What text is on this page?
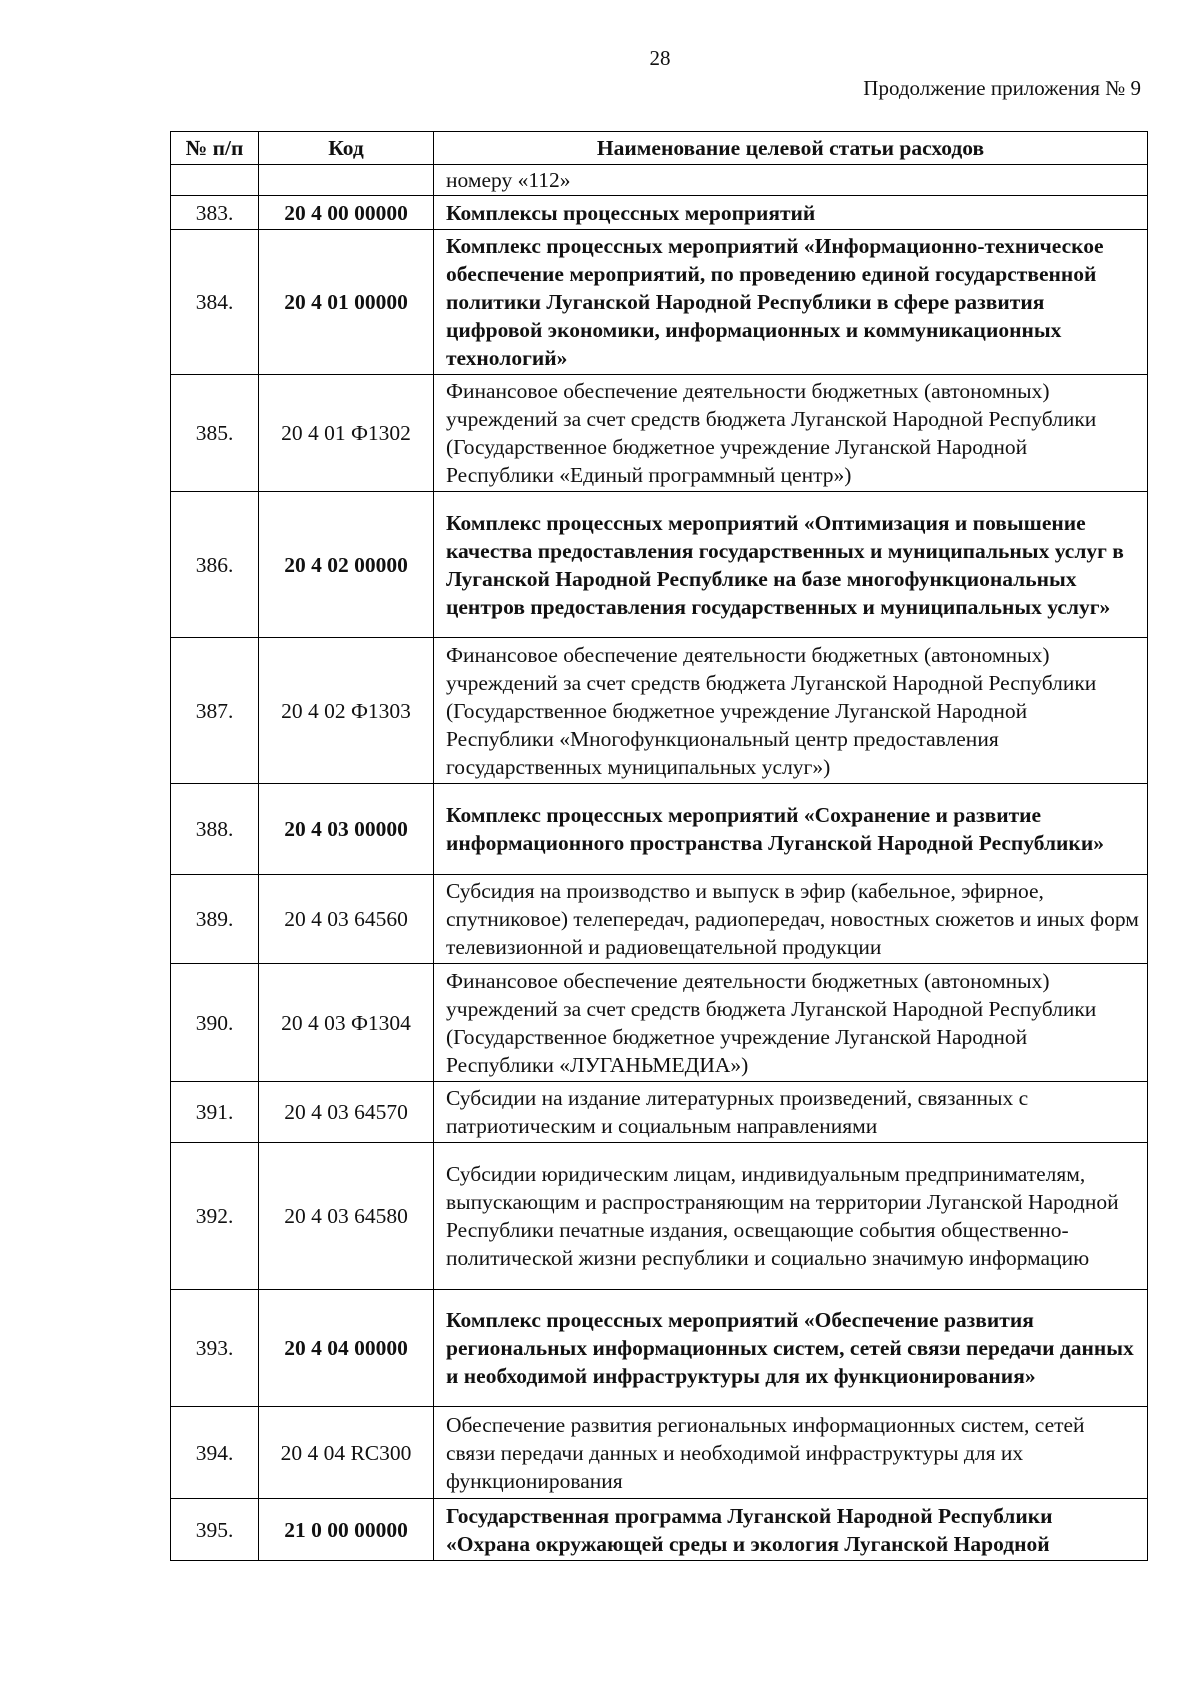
28
Продолжение приложения № 9
№ п/п	Код	Наименование целевой статьи расходов
		номеру «112»
383.	20 4 00 00000	Комплексы процессных мероприятий
384.	20 4 01 00000	Комплекс процессных мероприятий «Информационно-техническое обеспечение мероприятий, по проведению единой государственной политики Луганской Народной Республики в сфере развития цифровой экономики, информационных и коммуникационных технологий»
385.	20 4 01 Ф1302	Финансовое обеспечение деятельности бюджетных (автономных) учреждений за счет средств бюджета Луганской Народной Республики (Государственное бюджетное учреждение Луганской Народной Республики «Единый программный центр»)
386.	20 4 02 00000	Комплекс процессных мероприятий «Оптимизация и повышение качества предоставления государственных и муниципальных услуг в Луганской Народной Республике на базе многофункциональных центров предоставления государственных и муниципальных услуг»
387.	20 4 02 Ф1303	Финансовое обеспечение деятельности бюджетных (автономных) учреждений за счет средств бюджета Луганской Народной Республики (Государственное бюджетное учреждение Луганской Народной Республики «Многофункциональный центр предоставления государственных муниципальных услуг»)
388.	20 4 03 00000	Комплекс процессных мероприятий «Сохранение и развитие информационного пространства Луганской Народной Республики»
389.	20 4 03 64560	Субсидия на производство и выпуск в эфир (кабельное, эфирное, спутниковое) телепередач, радиопередач, новостных сюжетов и иных форм телевизионной и радиовещательной продукции
390.	20 4 03 Ф1304	Финансовое обеспечение деятельности бюджетных (автономных) учреждений за счет средств бюджета Луганской Народной Республики (Государственное бюджетное учреждение Луганской Народной Республики «ЛУГАНЬМЕДИА»)
391.	20 4 03 64570	Субсидии на издание литературных произведений, связанных с патриотическим и социальным направлениями
392.	20 4 03 64580	Субсидии юридическим лицам, индивидуальным предпринимателям, выпускающим и распространяющим на территории Луганской Народной Республики печатные издания, освещающие события общественно-политической жизни республики и социально значимую информацию
393.	20 4 04 00000	Комплекс процессных мероприятий «Обеспечение развития региональных информационных систем, сетей связи передачи данных и необходимой инфраструктуры для их функционирования»
394.	20 4 04 RC300	Обеспечение развития региональных информационных систем, сетей связи передачи данных и необходимой инфраструктуры для их функционирования
395.	21 0 00 00000	Государственная программа Луганской Народной Республики «Охрана окружающей среды и экология Луганской Народной
